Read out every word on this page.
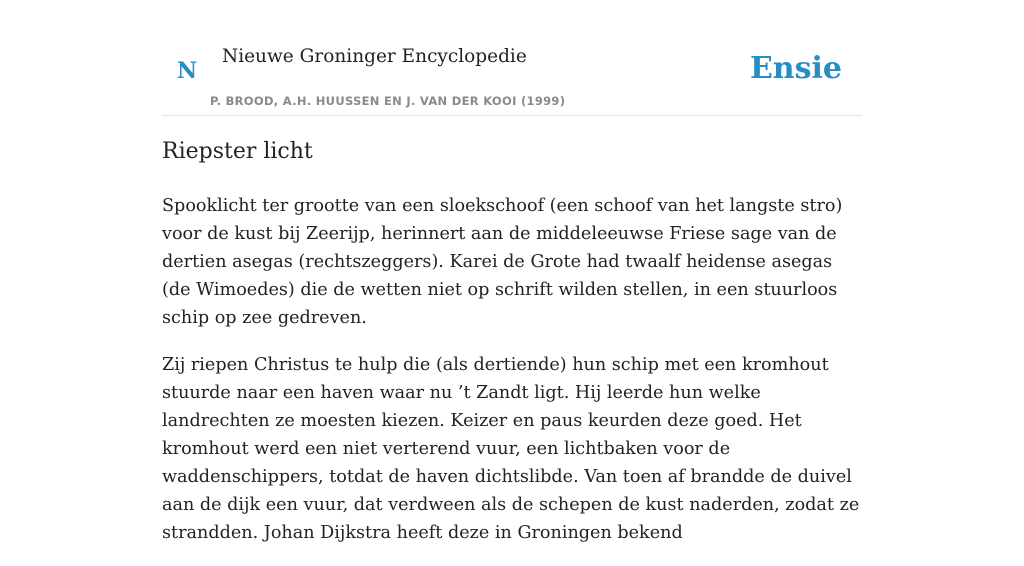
N
Nieuwe Groninger Encyclopedie
P. BROOD, A.H. HUUSSEN EN J. VAN DER KOOI (1999)
Ensie
Riepster licht

Spooklicht ter grootte van een sloekschoof (een schoof van het langste stro) voor de kust bij Zeerijp, herinnert aan de middeleeuwse Friese sage van de dertien asegas (rechtszeggers). Karei de Grote had twaalf heidense asegas (de Wimoedes) die de wetten niet op schrift wilden stellen, in een stuurloos schip op zee gedreven.

Zij riepen Christus te hulp die (als dertiende) hun schip met een kromhout stuurde naar een haven waar nu ’t Zandt ligt. Hij leerde hun welke landrechten ze moesten kiezen. Keizer en paus keurden deze goed. Het kromhout werd een niet verterend vuur, een lichtbaken voor de waddenschippers, totdat de haven dichtslibde. Van toen af brandde de duivel aan de dijk een vuur, dat verdween als de schepen de kust naderden, zodat ze strandden. Johan Dijkstra heeft deze in Groningen bekend
